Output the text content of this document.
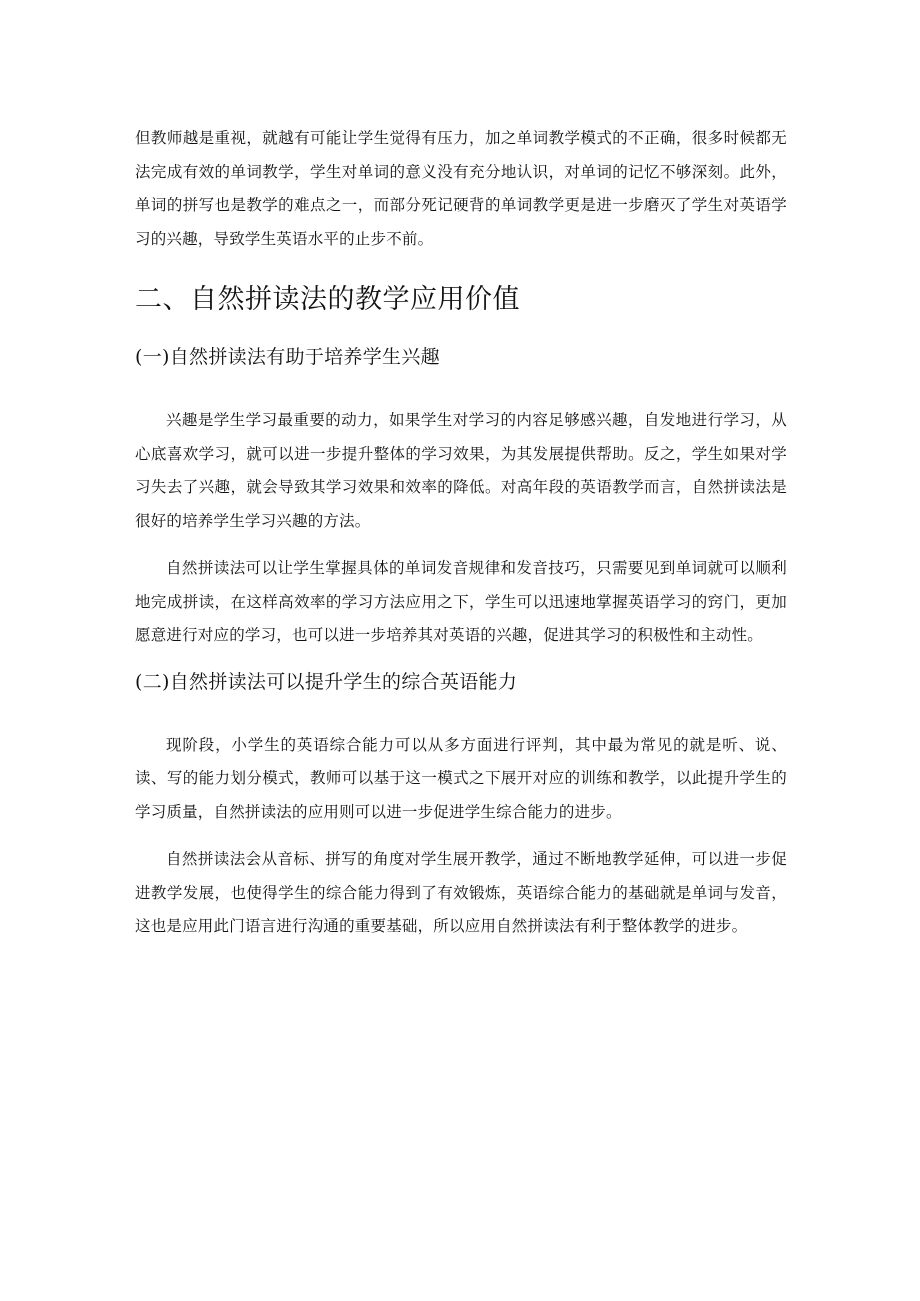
但教师越是重视，就越有可能让学生觉得有压力，加之单词教学模式的不正确，很多时候都无法完成有效的单词教学，学生对单词的意义没有充分地认识，对单词的记忆不够深刻。此外，单词的拼写也是教学的难点之一，而部分死记硬背的单词教学更是进一步磨灭了学生对英语学习的兴趣，导致学生英语水平的止步不前。

二、自然拼读法的教学应用价值
(一)自然拼读法有助于培养学生兴趣

兴趣是学生学习最重要的动力，如果学生对学习的内容足够感兴趣，自发地进行学习，从心底喜欢学习，就可以进一步提升整体的学习效果，为其发展提供帮助。反之，学生如果对学习失去了兴趣，就会导致其学习效果和效率的降低。对高年段的英语教学而言，自然拼读法是很好的培养学生学习兴趣的方法。

自然拼读法可以让学生掌握具体的单词发音规律和发音技巧，只需要见到单词就可以顺利地完成拼读，在这样高效率的学习方法应用之下，学生可以迅速地掌握英语学习的窍门，更加愿意进行对应的学习，也可以进一步培养其对英语的兴趣，促进其学习的积极性和主动性。

(二)自然拼读法可以提升学生的综合英语能力

现阶段，小学生的英语综合能力可以从多方面进行评判，其中最为常见的就是听、说、读、写的能力划分模式，教师可以基于这一模式之下展开对应的训练和教学，以此提升学生的学习质量，自然拼读法的应用则可以进一步促进学生综合能力的进步。

自然拼读法会从音标、拼写的角度对学生展开教学，通过不断地教学延伸，可以进一步促进教学发展，也使得学生的综合能力得到了有效锻炼，英语综合能力的基础就是单词与发音，这也是应用此门语言进行沟通的重要基础，所以应用自然拼读法有利于整体教学的进步。
